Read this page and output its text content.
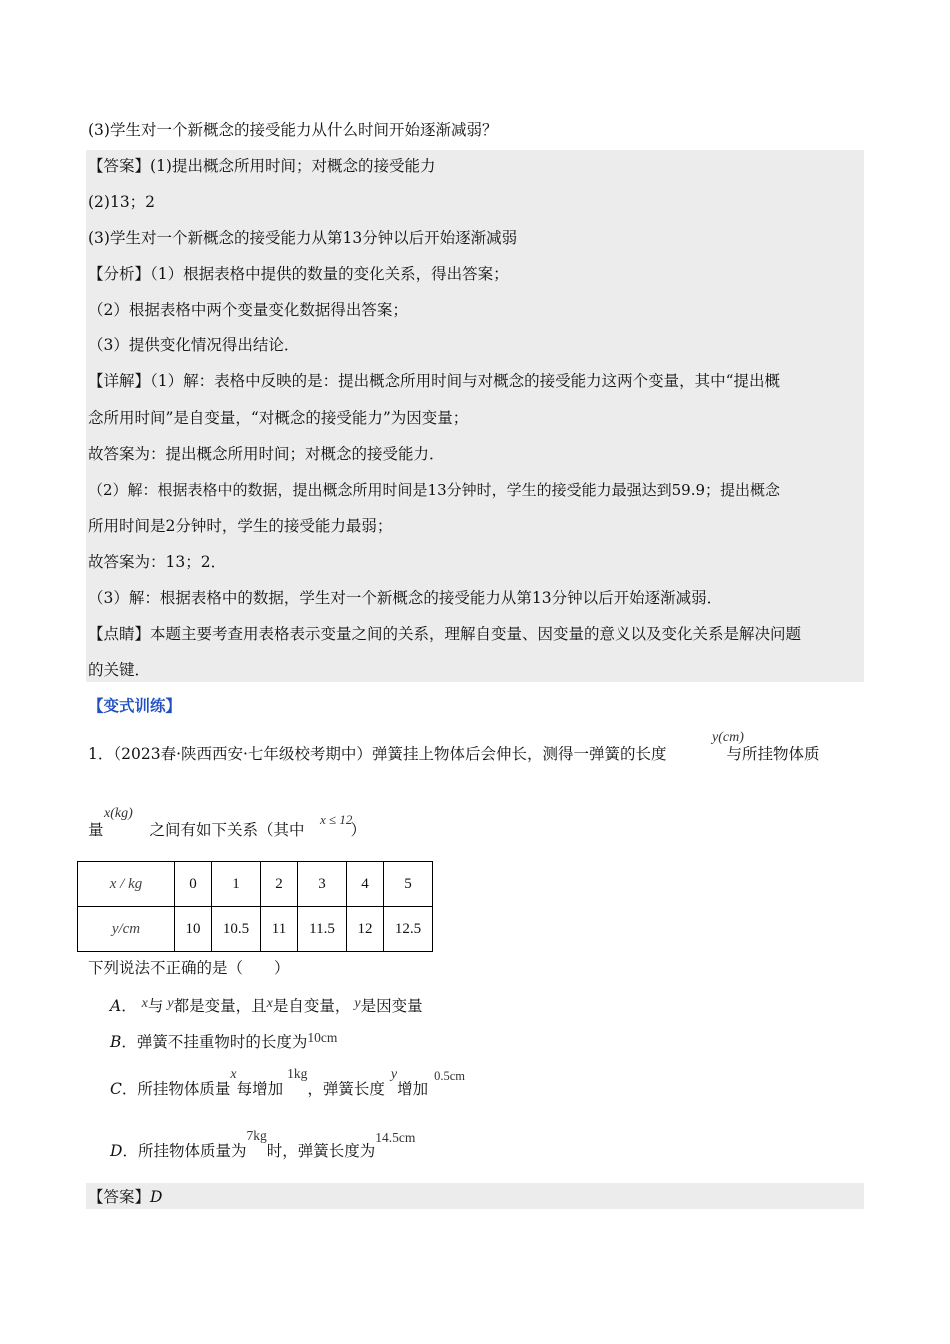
(3)学生对一个新概念的接受能力从什么时间开始逐渐减弱？
【答案】(1)提出概念所用时间；对概念的接受能力
(2)13；2
(3)学生对一个新概念的接受能力从第13分钟以后开始逐渐减弱
【分析】（1）根据表格中提供的数量的变化关系，得出答案；
（2）根据表格中两个变量变化数据得出答案；
（3）提供变化情况得出结论．
【详解】（1）解：表格中反映的是：提出概念所用时间与对概念的接受能力这两个变量，其中“提出概
念所用时间”是自变量，“对概念的接受能力”为因变量；
故答案为：提出概念所用时间；对概念的接受能力．
（2）解：根据表格中的数据，提出概念所用时间是13分钟时，学生的接受能力最强达到59.9；提出概念
所用时间是2分钟时，学生的接受能力最弱；
故答案为：13；2．
（3）解：根据表格中的数据，学生对一个新概念的接受能力从第13分钟以后开始逐渐减弱．
【点睛】本题主要考查用表格表示变量之间的关系，理解自变量、因变量的意义以及变化关系是解决问题
的关键．
【变式训练】
1．（2023春·陕西西安·七年级校考期中）弹簧挂上物体后会伸长，测得一弹簧的长度	与所挂物体质
y(cm)
量	之间有如下关系（其中	）
x(kg)	x ≤ 12
x / kg	0	1	2	3	4	5
y/cm	10	10.5	11	11.5	12	12.5
下列说法不正确的是（　　）
A． x与 y都是变量，且x是自变量， y是因变量
B．弹簧不挂重物时的长度为10cm
C．所挂物体质量x每增加1kg，弹簧长度y增加$^{0.5cm}$
D．所挂物体质量为7kg时，弹簧长度为14.5cm
【答案】D
